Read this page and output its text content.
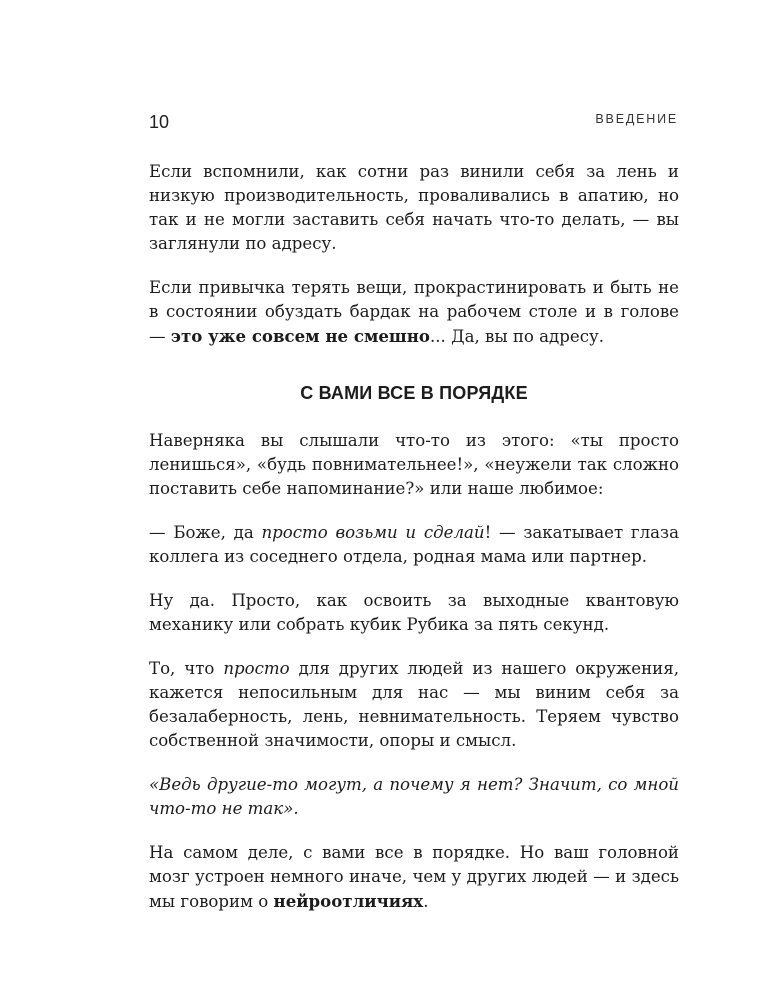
10	ВВЕДЕНИЕ

Если вспомнили, как сотни раз винили себя за лень и низкую производительность, проваливались в апатию, но так и не могли заставить себя начать что-то делать, — вы заглянули по адресу.

Если привычка терять вещи, прокрастинировать и быть не в состоянии обуздать бардак на рабочем столе и в голове — это уже совсем не смешно... Да, вы по адресу.

С ВАМИ ВСЕ В ПОРЯДКЕ

Наверняка вы слышали что-то из этого: «ты просто ленишься», «будь повнимательнее!», «неужели так сложно поставить себе напоминание?» или наше любимое:

— Боже, да просто возьми и сделай! — закатывает глаза коллега из соседнего отдела, родная мама или партнер.

Ну да. Просто, как освоить за выходные квантовую механику или собрать кубик Рубика за пять секунд.

То, что просто для других людей из нашего окружения, кажется непосильным для нас — мы виним себя за безалаберность, лень, невнимательность. Теряем чувство собственной значимости, опоры и смысл.

«Ведь другие-то могут, а почему я нет? Значит, со мной что-то не так».

На самом деле, с вами все в порядке. Но ваш головной мозг устроен немного иначе, чем у других людей — и здесь мы говорим о нейроотличиях.
